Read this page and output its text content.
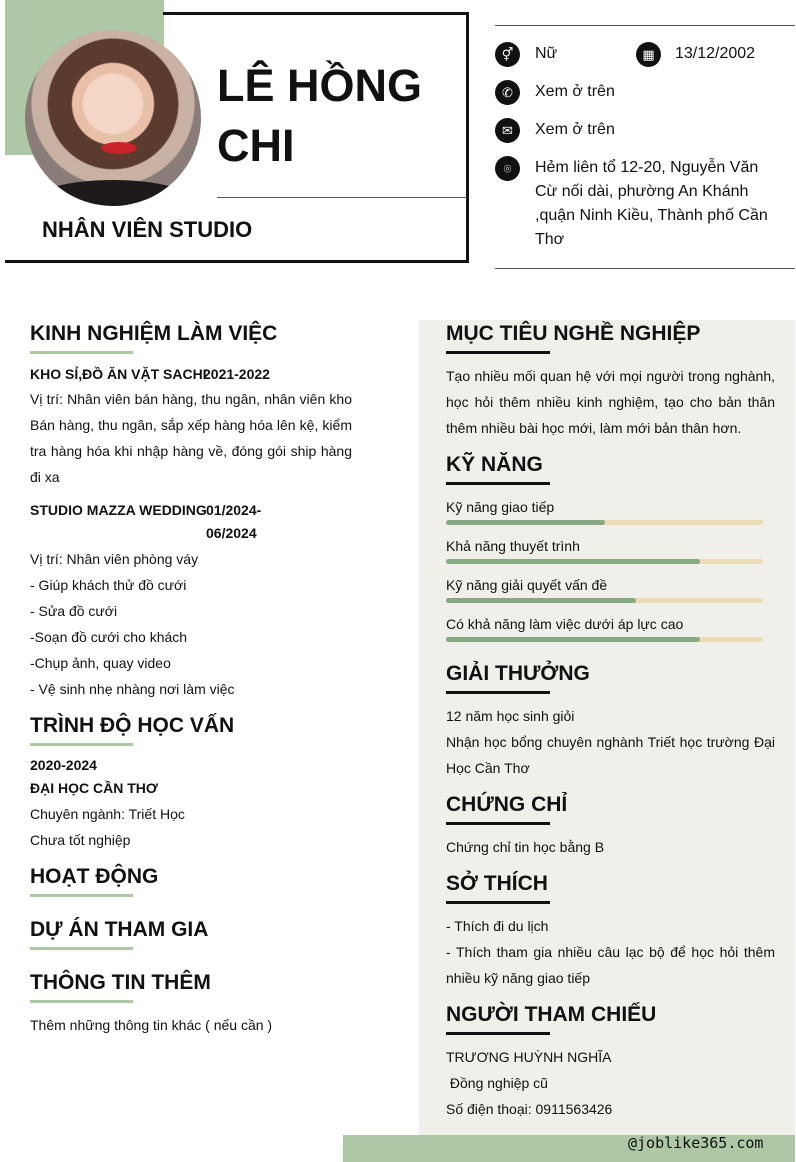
LÊ HỒNG
CHI
NHÂN VIÊN STUDIO
⚥	Nữ	▦	13/12/2002
✆	Xem ở trên
✉	Xem ở trên
⌾	Hẻm liên tổ 12-20, Nguyễn Văn Cừ nối dài, phường An Khánh ,quận Ninh Kiều, Thành phố Cần Thơ
KINH NGHIỆM LÀM VIỆC
KHO SỈ,ĐỒ ĂN VẶT SACHI
2021-2022
Vị trí: Nhân viên bán hàng, thu ngân, nhân viên kho Bán hàng, thu ngân, sắp xếp hàng hóa lên kệ, kiểm tra hàng hóa khi nhập hàng về, đóng gói ship hàng đi xa
STUDIO MAZZA WEDDING 01/2024-
06/2024
Vị trí: Nhân viên phòng váy
- Giúp khách thử đồ cưới
- Sửa đồ cưới
-Soạn đồ cưới cho khách
-Chụp ảnh, quay video
- Vệ sinh nhẹ nhàng nơi làm việc
TRÌNH ĐỘ HỌC VẤN
2020-2024
ĐẠI HỌC CẦN THƠ
Chuyên ngành: Triết Học
Chưa tốt nghiệp
HOẠT ĐỘNG
DỰ ÁN THAM GIA
THÔNG TIN THÊM
Thêm những thông tin khác ( nếu cần )
MỤC TIÊU NGHỀ NGHIỆP
Tạo nhiều mối quan hệ với mọi người trong nghành, học hỏi thêm nhiều kinh nghiệm, tạo cho bản thân thêm nhiều bài học mới, làm mới bản thân hơn.
KỸ NĂNG
Kỹ năng giao tiếp
Khả năng thuyết trình
Kỹ năng giải quyết vấn đề
Có khả năng làm việc dưới áp lực cao
GIẢI THƯỞNG
12 năm học sinh giỏi
Nhận học bổng chuyên nghành Triết học trường Đại Học Cần Thơ
CHỨNG CHỈ
Chứng chỉ tin học bằng B
SỞ THÍCH
- Thích đi du lịch
- Thích tham gia nhiều câu lạc bộ để học hỏi thêm nhiều kỹ năng giao tiếp
NGƯỜI THAM CHIẾU
TRƯƠNG HUỲNH NGHĨA
Đồng nghiệp cũ
Số điện thoại: 0911563426
@joblike365.com
